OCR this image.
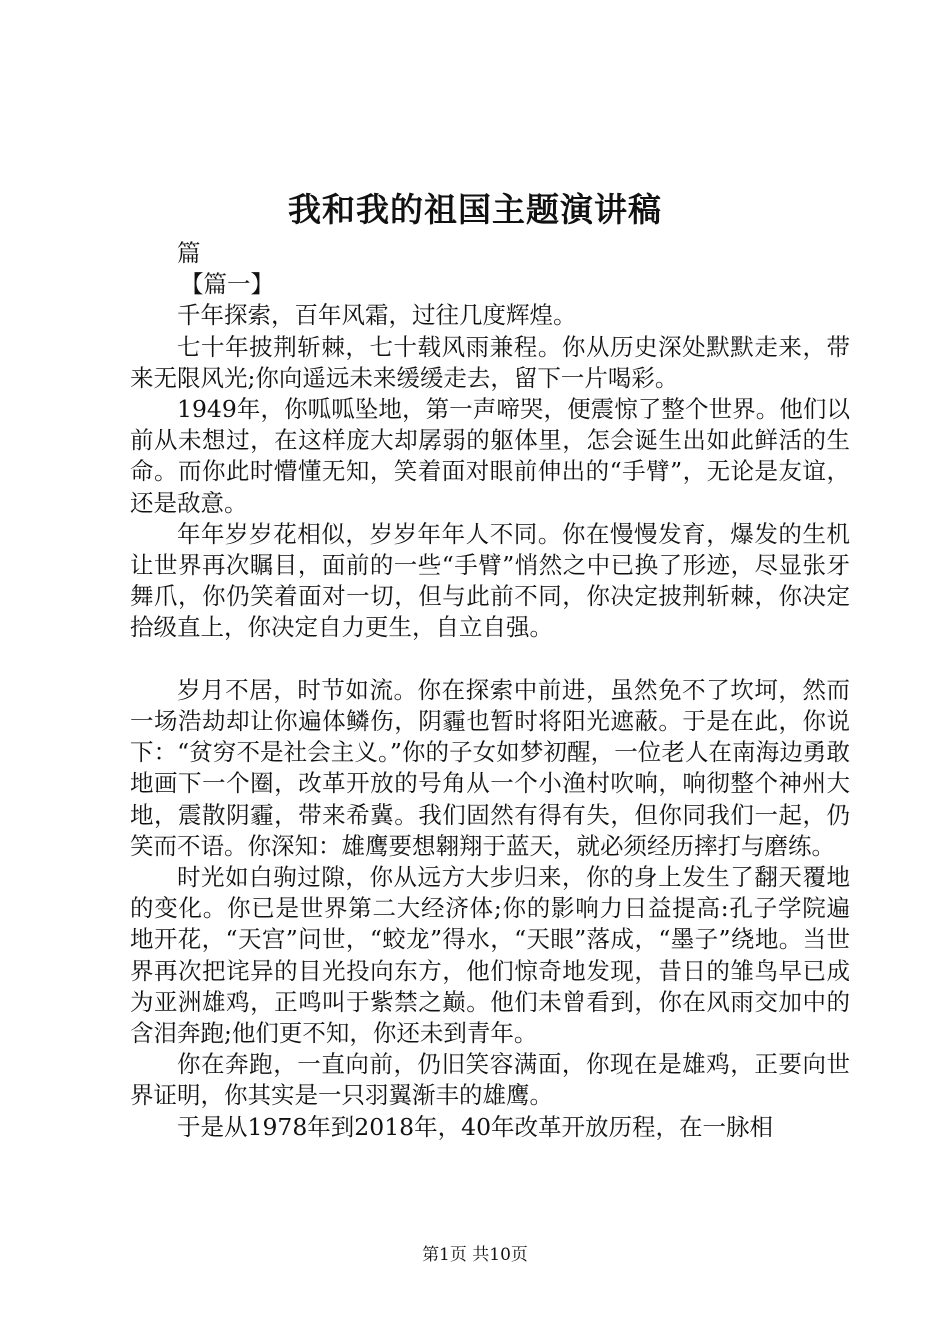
我和我的祖国主题演讲稿

篇

【篇一】

千年探索，百年风霜，过往几度辉煌。

七十年披荆斩棘，七十载风雨兼程。你从历史深处默默走来，带来无限风光;你向遥远未来缓缓走去，留下一片喝彩。

1949年，你呱呱坠地，第一声啼哭，便震惊了整个世界。他们以前从未想过，在这样庞大却孱弱的躯体里，怎会诞生出如此鲜活的生命。而你此时懵懂无知，笑着面对眼前伸出的“手臂”，无论是友谊，还是敌意。

年年岁岁花相似，岁岁年年人不同。你在慢慢发育，爆发的生机让世界再次瞩目，面前的一些“手臂”悄然之中已换了形迹，尽显张牙舞爪，你仍笑着面对一切，但与此前不同，你决定披荆斩棘，你决定拾级直上，你决定自力更生，自立自强。

岁月不居，时节如流。你在探索中前进，虽然免不了坎坷，然而一场浩劫却让你遍体鳞伤，阴霾也暂时将阳光遮蔽。于是在此，你说下：“贫穷不是社会主义。”你的子女如梦初醒，一位老人在南海边勇敢地画下一个圈，改革开放的号角从一个小渔村吹响，响彻整个神州大地，震散阴霾，带来希冀。我们固然有得有失，但你同我们一起，仍笑而不语。你深知：雄鹰要想翱翔于蓝天，就必须经历摔打与磨练。

时光如白驹过隙，你从远方大步归来，你的身上发生了翻天覆地的变化。你已是世界第二大经济体;你的影响力日益提高:孔子学院遍地开花，“天宫”问世，“蛟龙”得水，“天眼”落成，“墨子”绕地。当世界再次把诧异的目光投向东方，他们惊奇地发现，昔日的雏鸟早已成为亚洲雄鸡，正鸣叫于紫禁之巅。他们未曾看到，你在风雨交加中的含泪奔跑;他们更不知，你还未到青年。

你在奔跑，一直向前，仍旧笑容满面，你现在是雄鸡，正要向世界证明，你其实是一只羽翼渐丰的雄鹰。

于是从1978年到2018年，40年改革开放历程，在一脉相

第1页 共10页
